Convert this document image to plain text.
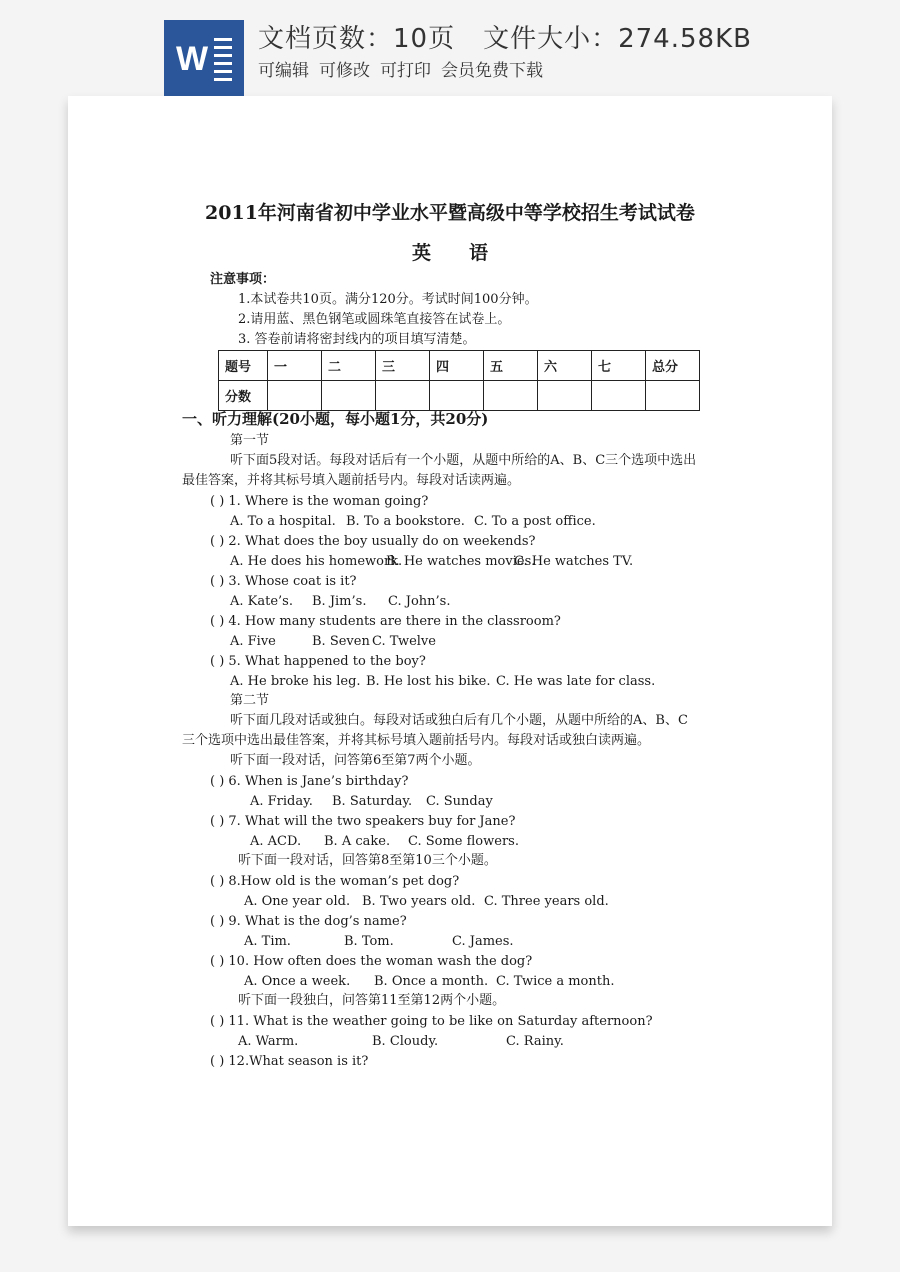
W
文档页数：10页 文件大小：274.58KB
可编辑 可修改 可打印 会员免费下载
2011年河南省初中学业水平暨高级中等学校招生考试试卷
英语
注意事项：
1.本试卷共10页。满分120分。考试时间100分钟。
2.请用蓝、黑色钢笔或圆珠笔直接答在试卷上。
3. 答卷前请将密封线内的项目填写清楚。
题号	一	二	三	四	五	六	七	总分
分数								
一、听力理解(20小题，每小题1分，共20分)
第一节
听下面5段对话。每段对话后有一个小题，从题中所给的A、B、C三个选项中选出
最佳答案，并将其标号填入题前括号内。每段对话读两遍。
( ) 1. Where is the woman going?
A. To a hospital. B. To a bookstore. C. To a post office.
( ) 2. What does the boy usually do on weekends?
A. He does his homework.
B. He watches movies.
C. He watches TV.
( ) 3. Whose coat is it?
A. Kate’s. B. Jim’s. C. John’s.
( ) 4. How many students are there in the classroom?
A. Five	B. Seven C. Twelve
( ) 5. What happened to the boy?
A. He broke his leg. B. He lost his bike. C. He was late for class.
第二节
听下面几段对话或独白。每段对话或独白后有几个小题，从题中所给的A、B、C
三个选项中选出最佳答案，并将其标号填入题前括号内。每段对话或独白读两遍。
听下面一段对话，问答第6至第7两个小题。
( ) 6. When is Jane’s birthday?
A. Friday. B. Saturday. C. Sunday
( ) 7. What will the two speakers buy for Jane?
A. ACD. B. A cake. C. Some flowers.
听下面一段对话，回答第8至第10三个小题。
( ) 8.How old is the woman’s pet dog?
A. One year old. B. Two years old. C. Three years old.
( ) 9. What is the dog’s name?
A. Tim.	B. Tom.	C. James.
( ) 10. How often does the woman wash the dog?
A. Once a week. B. Once a month. C. Twice a month.
听下面一段独白，问答第11至第12两个小题。
( ) 11. What is the weather going to be like on Saturday afternoon?
A. Warm.	B. Cloudy.	C. Rainy.
( ) 12.What season is it?
